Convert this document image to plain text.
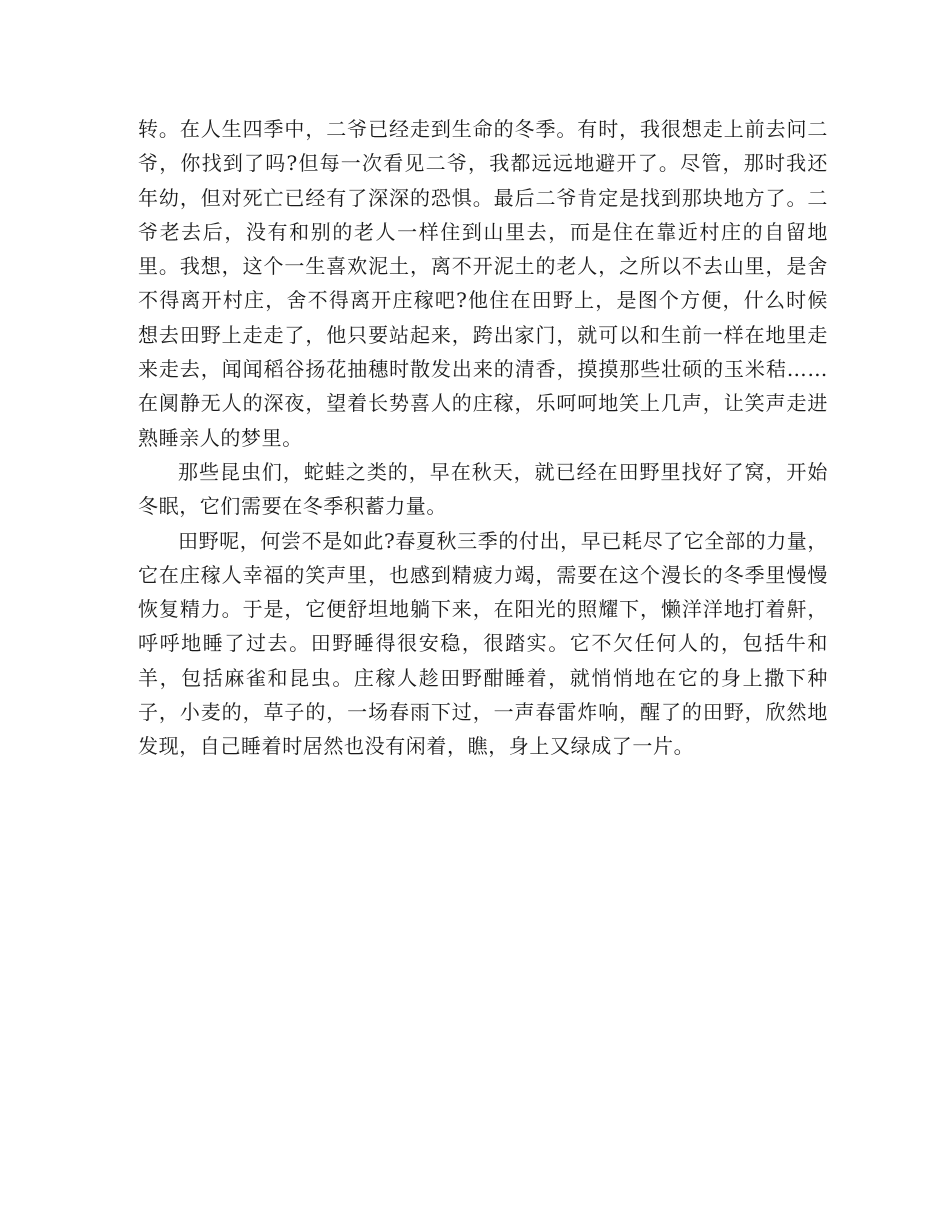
转。在人生四季中，二爷已经走到生命的冬季。有时，我很想走上前去问二爷，你找到了吗?但每一次看见二爷，我都远远地避开了。尽管，那时我还年幼，但对死亡已经有了深深的恐惧。最后二爷肯定是找到那块地方了。二爷老去后，没有和别的老人一样住到山里去，而是住在靠近村庄的自留地里。我想，这个一生喜欢泥土，离不开泥土的老人，之所以不去山里，是舍不得离开村庄，舍不得离开庄稼吧?他住在田野上，是图个方便，什么时候想去田野上走走了，他只要站起来，跨出家门，就可以和生前一样在地里走来走去，闻闻稻谷扬花抽穗时散发出来的清香，摸摸那些壮硕的玉米秸……在阒静无人的深夜，望着长势喜人的庄稼，乐呵呵地笑上几声，让笑声走进熟睡亲人的梦里。

那些昆虫们，蛇蛙之类的，早在秋天，就已经在田野里找好了窝，开始冬眠，它们需要在冬季积蓄力量。

田野呢，何尝不是如此?春夏秋三季的付出，早已耗尽了它全部的力量，它在庄稼人幸福的笑声里，也感到精疲力竭，需要在这个漫长的冬季里慢慢恢复精力。于是，它便舒坦地躺下来，在阳光的照耀下，懒洋洋地打着鼾，呼呼地睡了过去。田野睡得很安稳，很踏实。它不欠任何人的，包括牛和羊，包括麻雀和昆虫。庄稼人趁田野酣睡着，就悄悄地在它的身上撒下种子，小麦的，草子的，一场春雨下过，一声春雷炸响，醒了的田野，欣然地发现，自己睡着时居然也没有闲着，瞧，身上又绿成了一片。
